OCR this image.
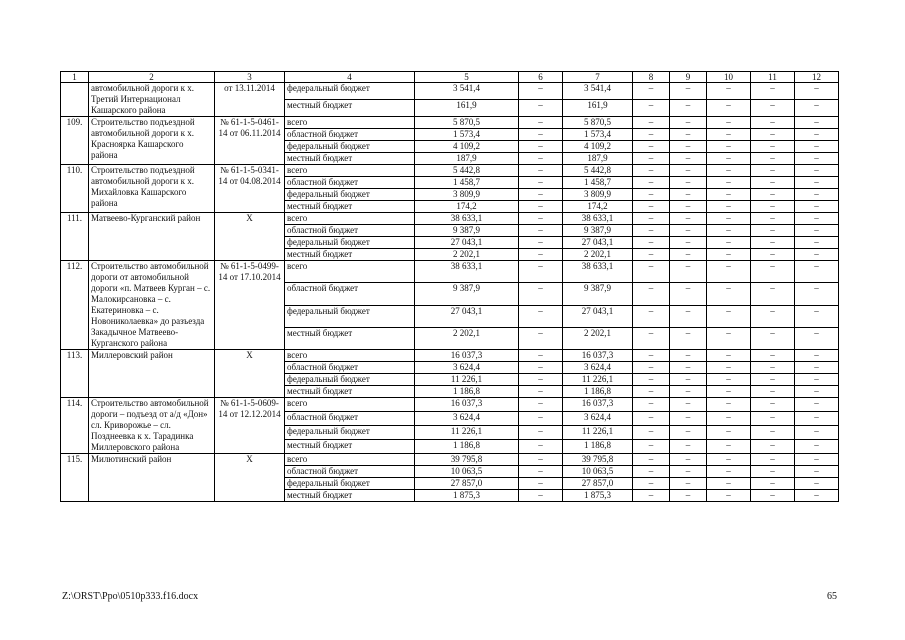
1	2	3	4	5	6	7	8	9	10	11	12
	автомобильной дороги к х. Третий Интернационал Кашарского района	от 13.11.2014	федеральный бюджет	3 541,4	–	3 541,4	–	–	–	–	–
			местный бюджет	161,9	–	161,9	–	–	–	–	–
109.	Строительство подъездной автомобильной дороги к х. Красноярка Кашарского района	№ 61-1-5-0461-14 от 06.11.2014	всего	5 870,5	–	5 870,5	–	–	–	–	–
			областной бюджет	1 573,4	–	1 573,4	–	–	–	–	–
			федеральный бюджет	4 109,2	–	4 109,2	–	–	–	–	–
			местный бюджет	187,9	–	187,9	–	–	–	–	–
110.	Строительство подъездной автомобильной дороги к х. Михайловка Кашарского района	№ 61-1-5-0341-14 от 04.08.2014	всего	5 442,8	–	5 442,8	–	–	–	–	–
			областной бюджет	1 458,7	–	1 458,7	–	–	–	–	–
			федеральный бюджет	3 809,9	–	3 809,9	–	–	–	–	–
			местный бюджет	174,2	–	174,2	–	–	–	–	–
111.	Матвеево-Курганский район	Х	всего	38 633,1	–	38 633,1	–	–	–	–	–
			областной бюджет	9 387,9	–	9 387,9	–	–	–	–	–
			федеральный бюджет	27 043,1	–	27 043,1	–	–	–	–	–
			местный бюджет	2 202,1	–	2 202,1	–	–	–	–	–
112.	Строительство автомобильной дороги от автомобильной дороги «п. Матвеев Курган – с. Малокирсановка – с. Екатериновка – с. Новониколаевка» до разъезда Закадычное Матвеево-Курганского района	№ 61-1-5-0499-14 от 17.10.2014	всего	38 633,1	–	38 633,1	–	–	–	–	–
			областной бюджет	9 387,9	–	9 387,9	–	–	–	–	–
			федеральный бюджет	27 043,1	–	27 043,1	–	–	–	–	–
			местный бюджет	2 202,1	–	2 202,1	–	–	–	–	–
113.	Миллеровский район	Х	всего	16 037,3	–	16 037,3	–	–	–	–	–
			областной бюджет	3 624,4	–	3 624,4	–	–	–	–	–
			федеральный бюджет	11 226,1	–	11 226,1	–	–	–	–	–
			местный бюджет	1 186,8	–	1 186,8	–	–	–	–	–
114.	Строительство автомобильной дороги – подъезд от а/д «Дон» сл. Криворожье – сл. Позднеевка к х. Тарадинка Миллеровского района	№ 61-1-5-0609-14 от 12.12.2014	всего	16 037,3	–	16 037,3	–	–	–	–	–
			областной бюджет	3 624,4	–	3 624,4	–	–	–	–	–
			федеральный бюджет	11 226,1	–	11 226,1	–	–	–	–	–
			местный бюджет	1 186,8	–	1 186,8	–	–	–	–	–
115.	Милютинский район	Х	всего	39 795,8	–	39 795,8	–	–	–	–	–
			областной бюджет	10 063,5	–	10 063,5	–	–	–	–	–
			федеральный бюджет	27 857,0	–	27 857,0	–	–	–	–	–
			местный бюджет	1 875,3	–	1 875,3	–	–	–	–	–
Z:\ORST\Ppo\0510p333.f16.docx	65
